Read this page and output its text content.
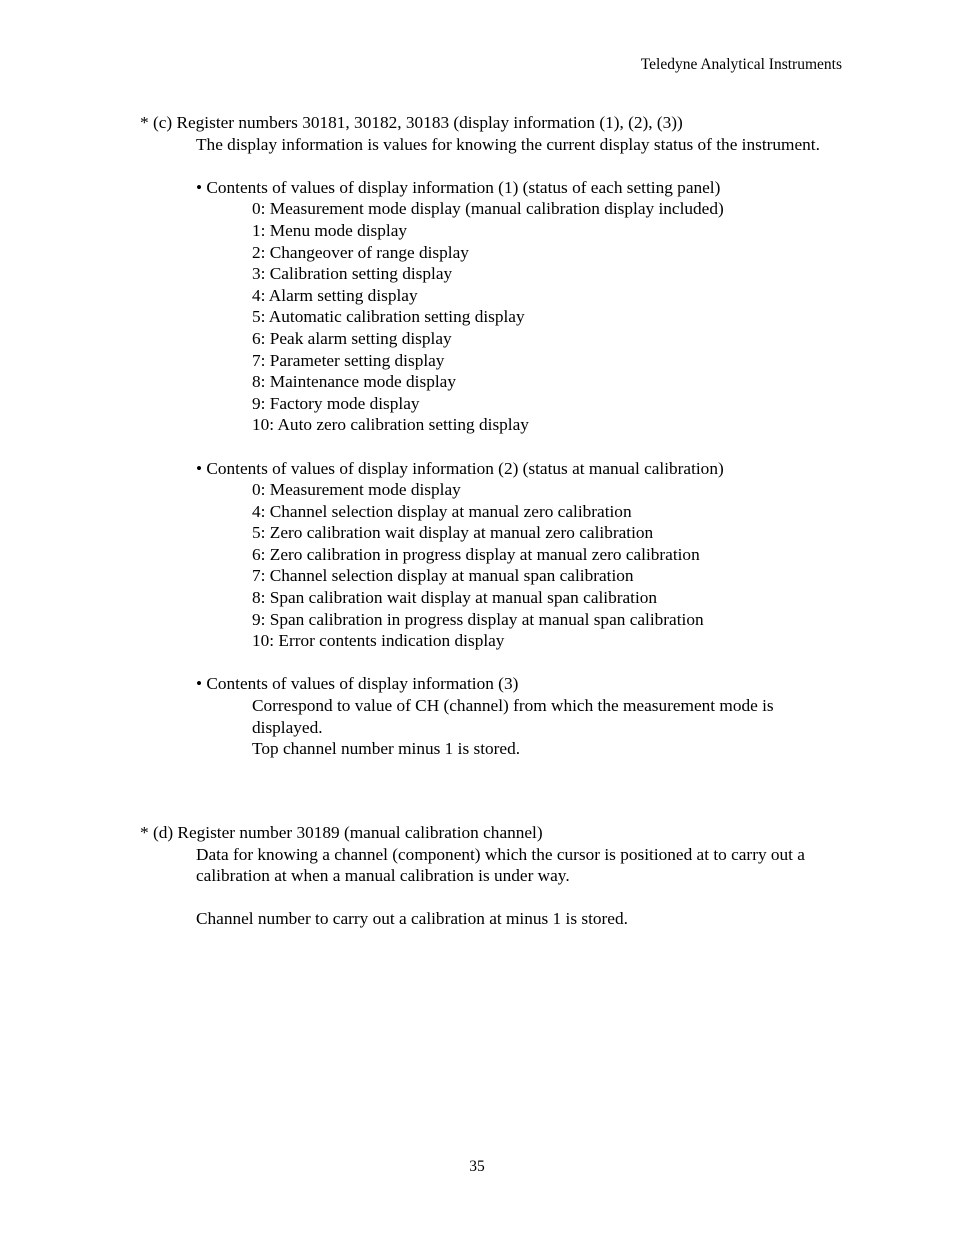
Teledyne Analytical Instruments
* (c) Register numbers 30181, 30182, 30183 (display information (1), (2), (3))
The display information is values for knowing the current display status of the instrument.
• Contents of values of display information (1) (status of each setting panel)
0: Measurement mode display (manual calibration display included)
1: Menu mode display
2: Changeover of range display
3: Calibration setting display
4: Alarm setting display
5: Automatic calibration setting display
6: Peak alarm setting display
7: Parameter setting display
8: Maintenance mode display
9: Factory mode display
10: Auto zero calibration setting display
• Contents of values of display information (2) (status at manual calibration)
0: Measurement mode display
4: Channel selection display at manual zero calibration
5: Zero calibration wait display at manual zero calibration
6: Zero calibration in progress display at manual zero calibration
7: Channel selection display at manual span calibration
8: Span calibration wait display at manual span calibration
9: Span calibration in progress display at manual span calibration
10: Error contents indication display
• Contents of values of display information (3)
Correspond to value of CH (channel) from which the measurement mode is displayed.
Top channel number minus 1 is stored.
* (d) Register number 30189 (manual calibration channel)
Data for knowing a channel (component) which the cursor is positioned at to carry out a calibration at when a manual calibration is under way.
Channel number to carry out a calibration at minus 1 is stored.
35
